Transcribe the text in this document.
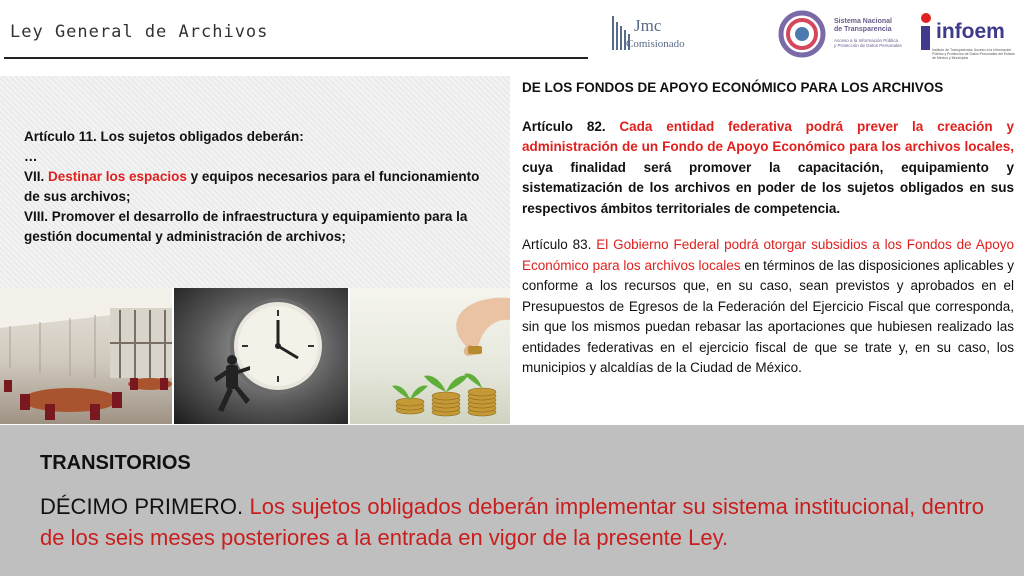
Ley General de Archivos	Jmc
Comisionado
Sistema Nacional
de Transparencia
Acceso a la Información Pública
y Protección de Datos Personales
infoem
Instituto de Transparencia, Acceso a la Información Pública y Protección de Datos Personales del Estado de México y Municipios

Artículo 11. Los sujetos obligados deberán:

…

VII. Destinar los espacios y equipos necesarios para el funcionamiento de sus archivos;

VIII. Promover el desarrollo de infraestructura y equipamiento para la gestión documental y administración de archivos;

DE LOS FONDOS DE APOYO ECONÓMICO PARA LOS ARCHIVOS

Artículo 82. Cada entidad federativa podrá prever la creación y administración de un Fondo de Apoyo Económico para los archivos locales, cuya finalidad será promover la capacitación, equipamiento y sistematización de los archivos en poder de los sujetos obligados en sus respectivos ámbitos territoriales de competencia.

Artículo 83. El Gobierno Federal podrá otorgar subsidios a los Fondos de Apoyo Económico para los archivos locales en términos de las disposiciones aplicables y conforme a los recursos que, en su caso, sean previstos y aprobados en el Presupuestos de Egresos de la Federación del Ejercicio Fiscal que corresponda, sin que los mismos puedan rebasar las aportaciones que hubiesen realizado las entidades federativas en el ejercicio fiscal de que se trate y, en su caso, los municipios y alcaldías de la Ciudad de México.

TRANSITORIOS
DÉCIMO PRIMERO. Los sujetos obligados deberán implementar su sistema institucional, dentro de los seis meses posteriores a la entrada en vigor de la presente Ley.
